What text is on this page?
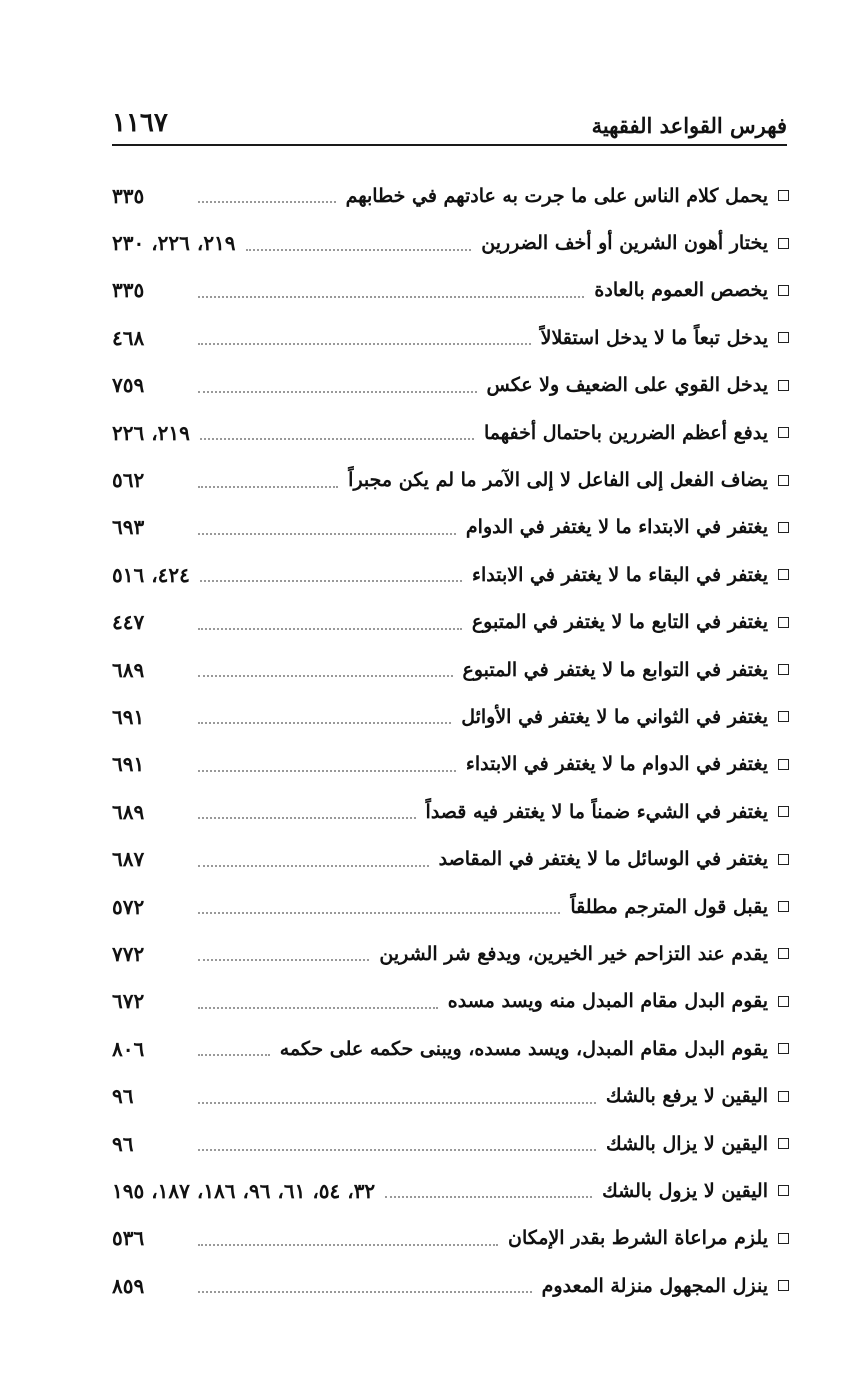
١١٦٧	فهرس القواعد الفقهية
يحمل كلام الناس على ما جرت به عادتهم في خطابهم
٣٣٥
يختار أهون الشرين أو أخف الضررين
٢١٩، ٢٢٦، ٢٣٠
يخصص العموم بالعادة
٣٣٥
يدخل تبعاً ما لا يدخل استقلالاً
٤٦٨
يدخل القوي على الضعيف ولا عكس
٧٥٩
يدفع أعظم الضررين باحتمال أخفهما
٢١٩، ٢٢٦
يضاف الفعل إلى الفاعل لا إلى الآمر ما لم يكن مجبراً
٥٦٢
يغتفر في الابتداء ما لا يغتفر في الدوام
٦٩٣
يغتفر في البقاء ما لا يغتفر في الابتداء
٤٢٤، ٥١٦
يغتفر في التابع ما لا يغتفر في المتبوع
٤٤٧
يغتفر في التوابع ما لا يغتفر في المتبوع
٦٨٩
يغتفر في الثواني ما لا يغتفر في الأوائل
٦٩١
يغتفر في الدوام ما لا يغتفر في الابتداء
٦٩١
يغتفر في الشيء ضمناً ما لا يغتفر فيه قصداً
٦٨٩
يغتفر في الوسائل ما لا يغتفر في المقاصد
٦٨٧
يقبل قول المترجم مطلقاً
٥٧٢
يقدم عند التزاحم خير الخيرين، ويدفع شر الشرين
٧٧٢
يقوم البدل مقام المبدل منه ويسد مسده
٦٧٢
يقوم البدل مقام المبدل، ويسد مسده، ويبنى حكمه على حكمه
٨٠٦
اليقين لا يرفع بالشك
٩٦
اليقين لا يزال بالشك
٩٦
اليقين لا يزول بالشك
٣٢، ٥٤، ٦١، ٩٦، ١٨٦، ١٨٧، ١٩٥
يلزم مراعاة الشرط بقدر الإمكان
٥٣٦
ينزل المجهول منزلة المعدوم
٨٥٩
